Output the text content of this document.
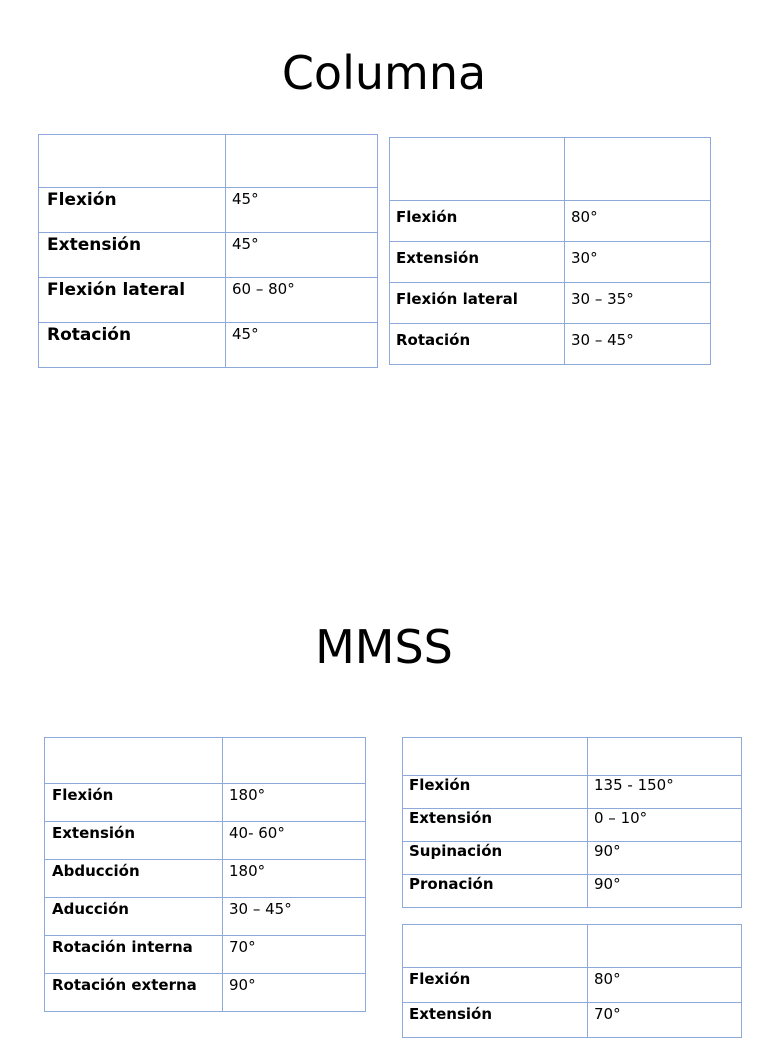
Columna
MMSS

Flexión	45°
Extensión	45°
Flexión lateral	60 – 80°
Rotación	45°

Flexión	80°
Extensión	30°
Flexión lateral	30 – 35°
Rotación	30 – 45°

Flexión	180°
Extensión	40- 60°
Abducción	180°
Aducción	30 – 45°
Rotación interna	70°
Rotación externa	90°

Flexión	135 - 150°
Extensión	0 – 10°
Supinación	90°
Pronación	90°

Flexión	80°
Extensión	70°
